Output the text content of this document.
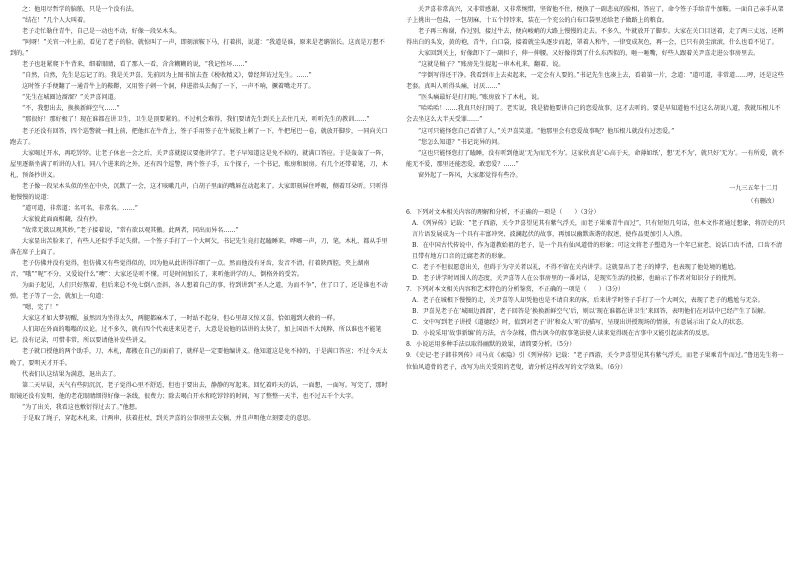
之：他用尽哲学的脑筋，只是一个没有法。

“结在！”几个人大叫着。

老子走忙勒住青牛，自己是一动也不动，好像一段呆木头。

“阿呀！”关官一冲上前，看见了老子的脸，就惊叫了一声，即刻滚鞍下马，打着拱，说道：“我道是谁，原来是老聃馆长。这真是万想不到的。”

老子也赶紧爬下牛背来，细着眼睛，看了那人一看，含含糊糊的说，“我记性坏……”

“自然，自然，先生是忘记了的。我是关尹喜，先前因为上图书馆去查《税收精义》，曾经拜访过先生。……”

这时签子手便翻了一通青牛上的鞍鞯，又用签子刺一个洞，伸进指头去掏了一下，一声不响，撅着嘴走开了。

“先生在城圈边溜溜？”关尹喜问道。

“不，我想出去，换换新鲜空气……”

“那很好！那好极了！现在谁都在讲卫生，卫生是顶要紧的。不过机会难得，我们要请先生到关上去住几天，听听先生的教训……”

老子还没有回答，四个巡警就一拥上前，把他扛在牛背上，签子手用签子在牛屁股上刺了一下，牛把尾巴一卷，就放开脚步，一同向关口跑去了。

大家喝过开水，再吃饽饽。让老子休息一会之后，关尹喜就提议要他讲学了。老子早知道这是免不掉的，就满口答应。于是轰轰了一阵，屋里逐渐坐满了听讲的人们。同八个进来的之外，还有四个巡警，两个签子手，五个探子，一个书记，账房和厨房。有几个还带着笔，刀，木札，预备抄讲义。

老子像一段呆木头似的坐在中央，沉默了一会，这才咳嗽几声，白胡子里面的嘴唇在动起来了。大家即刻屏住呼吸，侧着耳朵听。只听得他慢慢的说道：

“道可道，非常道；名可名，非常名。……”

大家彼此面面相觑，没有抄。

“故常无欲以观其妙，”老子接着说，“常有欲以观其徼。此两者，同出而异名……”

大家显出苦脸来了，有些人还似乎手足失措。一个签子手打了一个大呵欠，书记先生竟打起瞌睡来，哗啷一声，刀，笔，木札，都从手里落在席子上面了。

老子仿佛并没有觉得，但仿佛又有些觉得似的，因为他从此讲得详细了一点。然而他没有牙齿，发音不清，打着陕西腔，夹上湖南音，“哦”“呢”不分，又爱说什么“噢”：大家还是听不懂。可是时间加长了，来听他讲学的人，倒格外的受苦。

为面子起见，人们只好熬着，但后来总不免七倒八歪斜，各人想着自己的事，待到讲到“圣人之道，为而不争”，住了口了，还是谁也不动弹。老子等了一会，就加上一句道：

“嗯，完了！”

大家这才如大梦初醒，虽然因为坐得太久，两腿都麻木了，一时站不起身，但心里却又惊又喜，恰如遇到大赦的一样。

人们却在外面的嗡嗡的议论。过不多久，就有四个代表进来见老子，大意是说他的话讲的太快了，加上国语不大纯粹，所以谁也不能笔记。没有记录，可惜非常，所以要请他补发些讲义。

老子就口授他的两个助手，刀，木札，都搬在自己的面前了，就样是一定要他编讲义。他知道这是免不掉的，于是满口答应；不过今天太晚了，要明天才开手。

代表们认这结果为满意，退出去了。

第二天早晨，天气有些阴沉沉，老子觉得心里不舒适，但也于要出去，静静的写起来。回忆着昨天的话，一面想，一面写。写完了，那时眼镜还没有发明，他的老花眼睛细得好像一条线，很费力；除去喝白开水和吃饽饽的时间，写了整整一天半，也不过五千个大字。

“为了出关，我看这也敷衍得过去了。”他想。

于是取了绳子，穿起木札来，计两串，扶着拄杖，到关尹喜的公事房里去交稿，并且声明他立刻要走的意思。

关尹喜非常高兴，又非常感谢，又非常惋惜，坚留他不住，便换了一副悲哀的脸相，答应了，命令签子手给青牛加鞍。一面自己亲手从架子上挑出一包盐，一包胡麻，十五个饽饽来，装在一个充公的白布口袋里送给老子做路上的粮食。

老子再三称谢，作过别，接过牛去，便向峻峭的大路上慢慢的走去。不多久，牛就放开了脚步。大家在关口目送着，走了两三丈远，还辨得出白的头发，黄的袍，青牛，白口袋，接着就尘头逐步而起，罩着人和牛，一律变成灰色，再一会，已只有黄尘滚滚，什么也看不见了。

大家回到关上，好像卸下了一副担子，伸一伸腰。又好像得到了什么东西似的，咂一咂嘴，好些人跟着关尹喜走进公事房里去。

“这就是稿子？”账房先生提起一串木札来，翻着，说。

“字倒写得还干净。我看到市上去卖起来，一定会有人要的。”书记先生也凑上去，看着第一片，念道：“道可道，非常道……哼，还是这些老套。真叫人听得头痛，讨厌……”

“医头痛最好是打打盹。”账房放下了木札，说。

“哈哈哈！……我真只好打盹了。老实说，我是猜他要讲自己的恋爱故事，这才去听的。要是早知道他不过这么胡说八道，我就压根儿不会去坐这么大半天受罪……”

“这可只能怪您自己看错了人，”关尹喜笑道。“他那里会有恋爱故事呢？他压根儿就没有过恋爱。”

“您怎么知道？”书记诧异的问。

“这也只能怪您打了瞌睡，没有听到他说‘无为而无不为’。这家伙真是‘心高于天，命薄如纸’，想‘无不为’，就只好‘无为’。一有所爱，就不能无不爱，那里还能恋爱，敢恋爱？……”

窗外起了一阵风，大家都觉得有些冷。

一九三五年十二月
（有删改）

6．下列对文本相关内容的理解和分析，不正确的一项是（　　）（3分）

A．《列异传》记载：“老子西游，关令尹喜望见其有紫气浮关，而老子果乘青牛而过”，只有短短几句话，但本文作者通过想象，将历史的只言片语发展成为一个具有丰富冲突、波澜起伏的故事，再加以幽默诙谐的叙述，使作品更加引人入胜。

B．在中国古代传说中，作为道教始祖的老子，是一个具有仙风道骨的形象；可这文将老子塑造为一个年已衰老，说话口齿不清，口齿不清且带有地方口音的迂腐老者的形象。

C．老子不但很愿意出关，但碍于为守关者以礼，不得不留在关内讲学。这就显出了老子的博学，也表现了他处境的尴尬。

D．老子讲学时周围人的态度，关尹喜等人在公事房里的一番对话，是现实生活的投影，也暗示了作者对知识分子的批判。

7．下列对本文相关内容和艺术特色的分析鉴赏，不正确的一项是（　　）（3分）

A．老子在城根下慢慢的走，关尹喜等人却凭他也是不请自来的客，后来讲学时签子手打了一个大呵欠，表现了老子的尴尬与无奈。

B．尹喜见老子在‘城圈边溜溜’，老子回答是‘换换新鲜空气’后，则以‘现在谁都在讲卫生’来回答，表明他们在对话中已经产生了误解。

C．文中写到老子讲授《道德经》时，值到对老子‘讲’和众人‘听’的描写，呈现出讲授现场的情景，有意展示出了众人的状态。

D．小说采用‘故事新编’的方法，古今杂糅，借古讽今的叙事笔法使人读来觉得既在古事中又能引起读者的反思。

8．小说运用多种手法以取得幽默的效果，请简要分析。（5分）

9．《史记·老子韩非列传》司马贞《索隐》引《列异传》记载：“老子西游，关令尹喜望见其有紫气浮关，而老子果乘青牛而过。”鲁迅先生将一位仙风道骨的老子，改写为出关受阻的老叟，请分析这样改写的文学效果。（6分）
